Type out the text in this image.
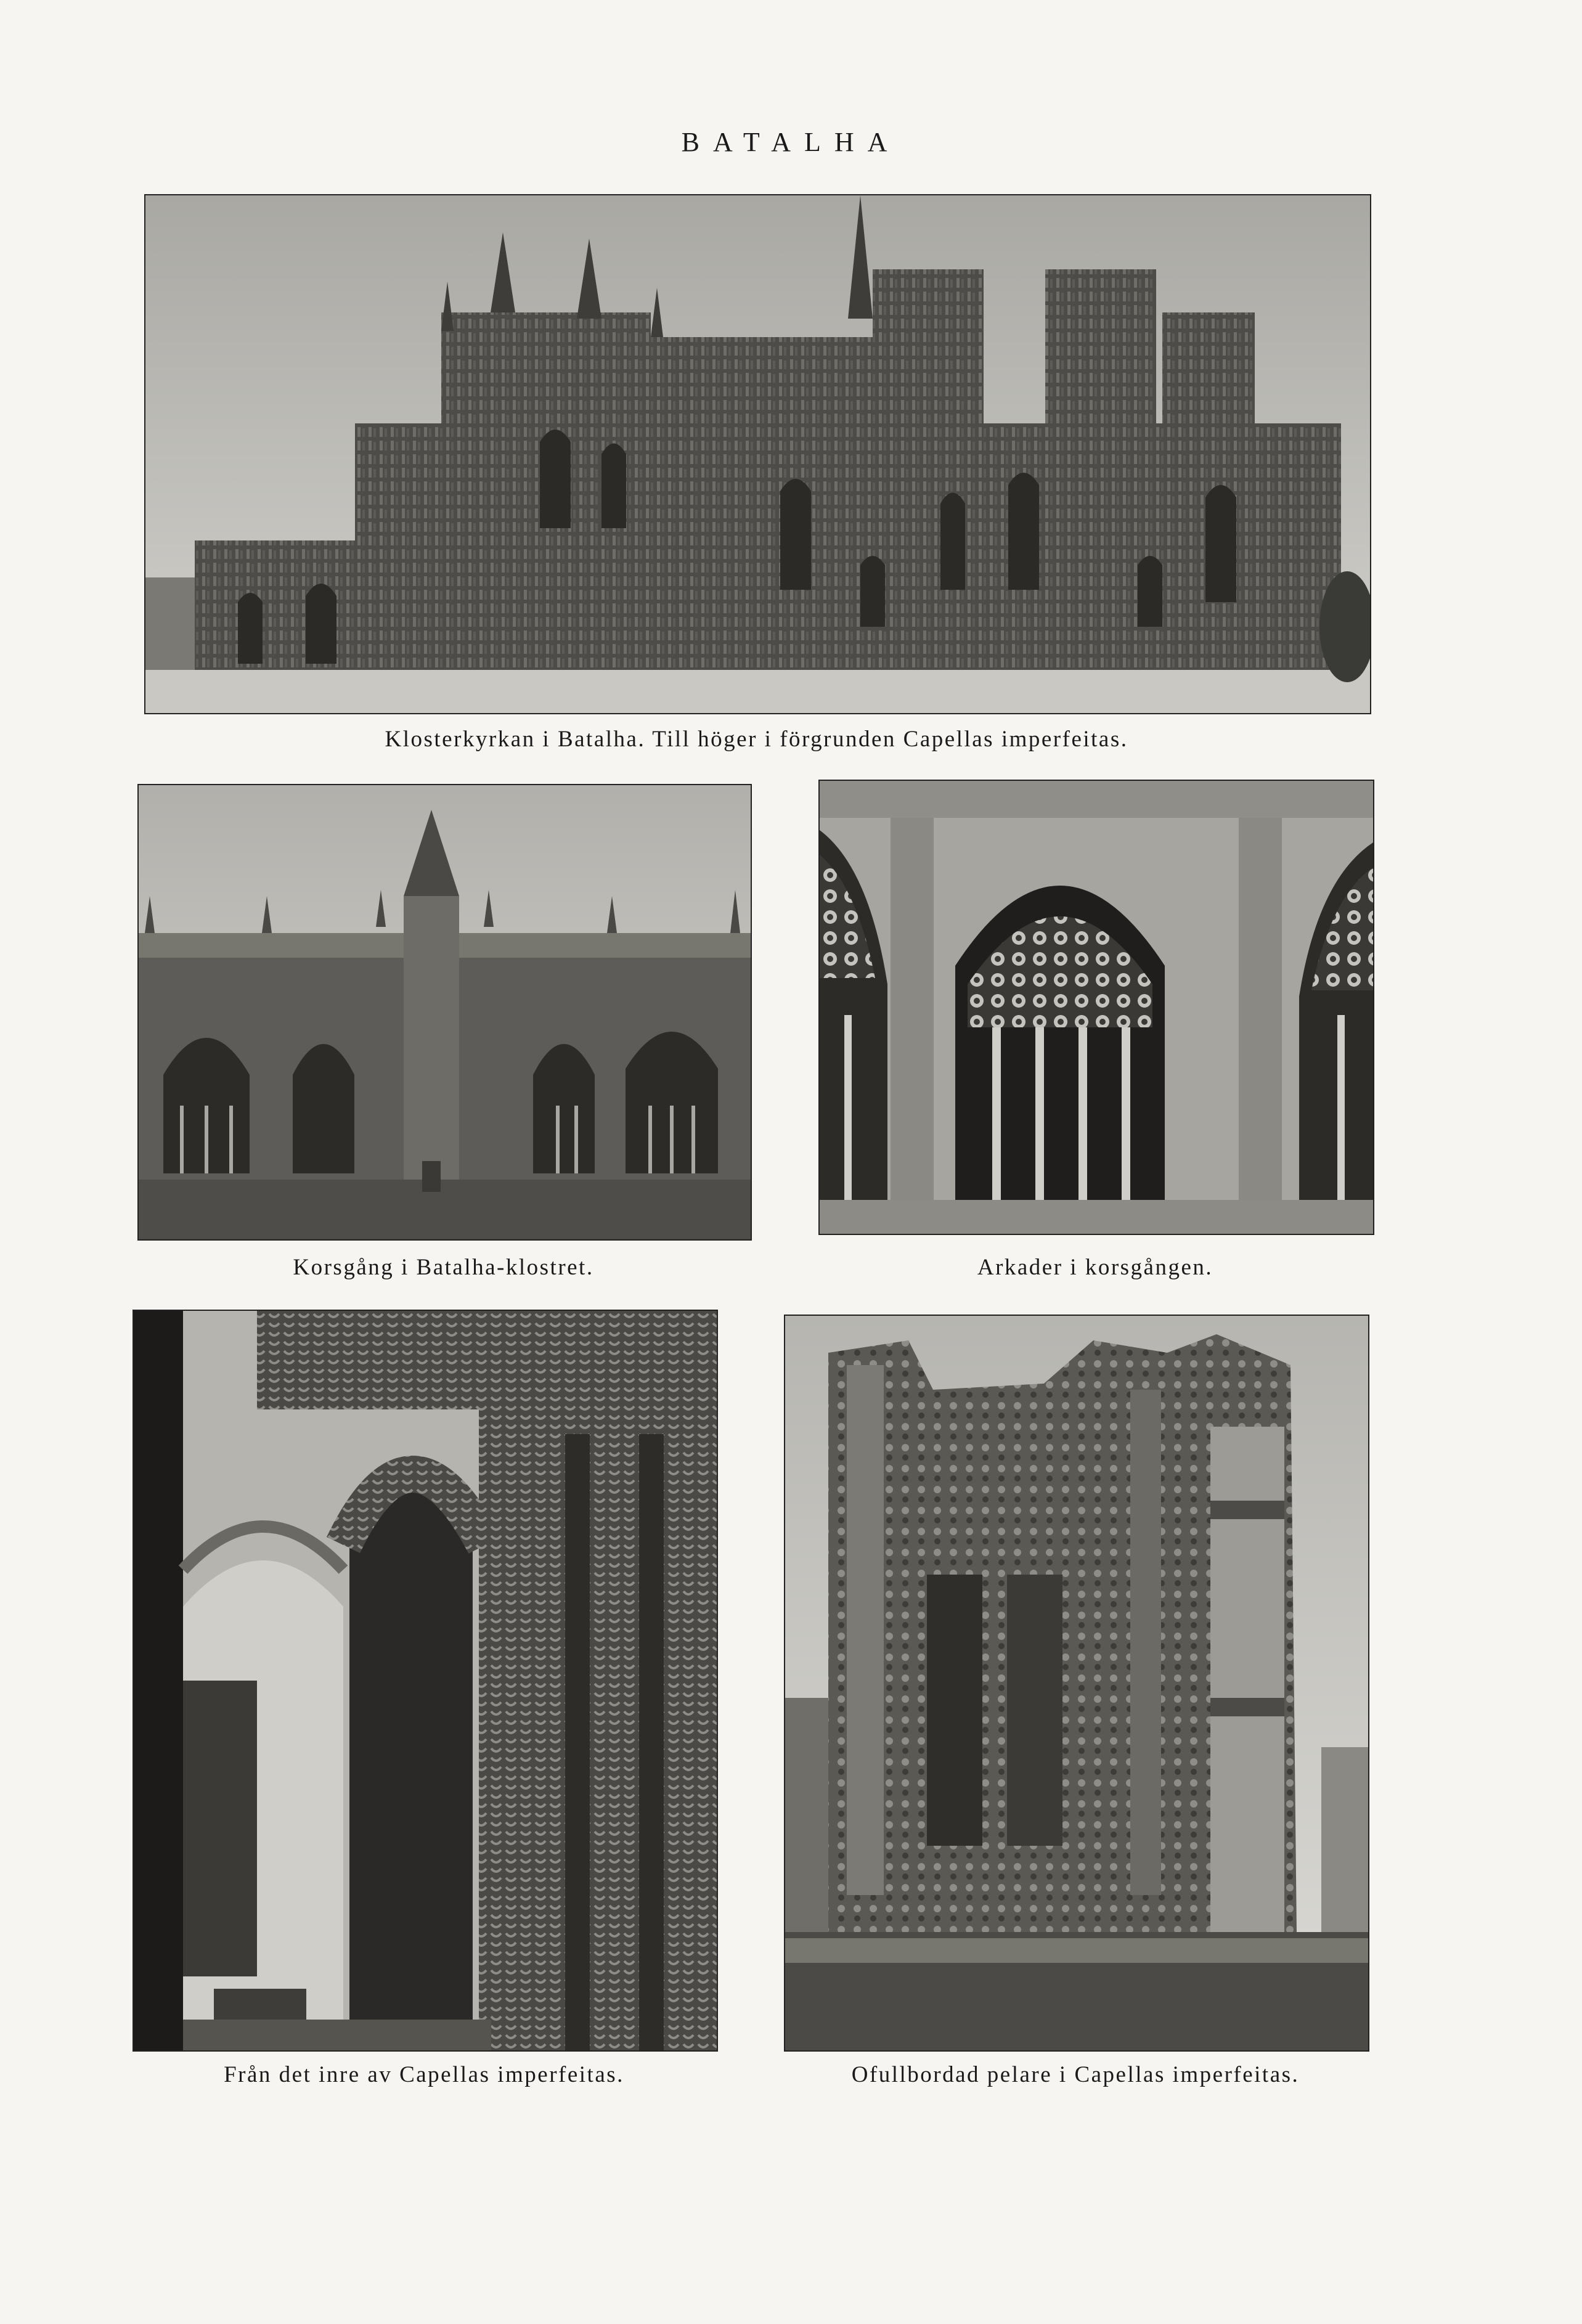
BATALHA
Klosterkyrkan i Batalha. Till höger i förgrunden Capellas imperfeitas.
Korsgång i Batalha-klostret.	Arkader i korsgången.
Från det inre av Capellas imperfeitas.	Ofullbordad pelare i Capellas imperfeitas.
